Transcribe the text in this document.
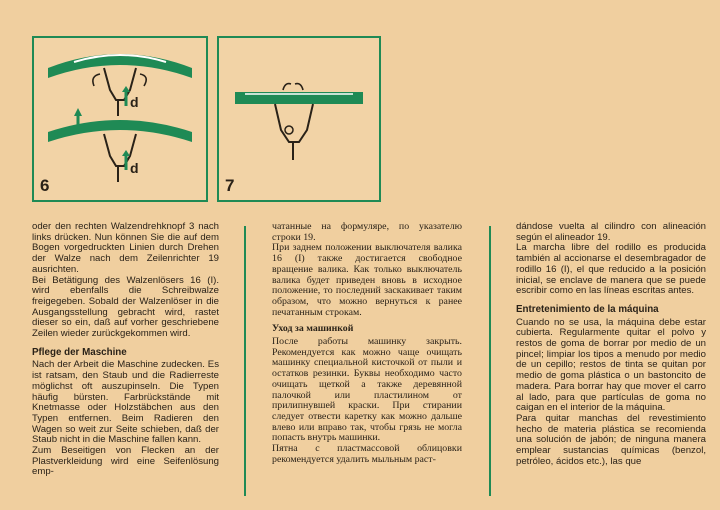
d
d
6	7

oder den rechten Walzendrehknopf 3 nach links drücken. Nun können Sie die auf dem Bogen vorgedruckten Linien durch Drehen der Walze nach dem Zeilenrichter 19 ausrichten.

Bei Betätigung des Walzenlösers 16 (I). wird ebenfalls die Schreibwalze freigegeben. Sobald der Walzenlöser in die Ausgangsstellung gebracht wird, rastet dieser so ein, daß auf vorher geschriebene Zeilen wieder zurückgekommen wird.

Pflege der Maschine

Nach der Arbeit die Maschine zudecken. Es ist ratsam, den Staub und die Radierreste möglichst oft auszupinseln. Die Typen häufig bürsten. Farbrückstände mit Knetmasse oder Holzstäbchen aus den Typen entfernen. Beim Radieren den Wagen so weit zur Seite schieben, daß der Staub nicht in die Maschine fallen kann.

Zum Beseitigen von Flecken an der Plastverkleidung wird eine Seifenlösung emp-

чатанные на формуляре, по указателю строки 19.

При заднем положении выключателя валика 16 (I) также достигается свободное вращение валика. Как только выключатель валика будет приведен вновь в исходное положение, то последний заскакивает таким образом, что можно вернуться к ранее печатанным строкам.

Уход за машинкой

После работы машинку закрыть. Рекомендуется как можно чаще очищать машинку специальной кисточкой от пыли и остатков резинки. Буквы необходимо часто очищать щеткой а также деревянной палочкой или пластилином от прилипнувшей краски. При стирании следует отвести каретку как можно дальше влево или вправо так, чтобы грязь не могла попасть внутрь машинки.

Пятна с пластмассовой облицовки рекомендуется удалить мыльным раст-

dándose vuelta al cilindro con alineación según el alineador 19.

La marcha libre del rodillo es producida también al accionarse el desembragador de rodillo 16 (I), el que reducido a la posición inicial, se enclave de manera que se puede escribir como en las líneas escritas antes.

Entretenimiento de la máquina

Cuando no se usa, la máquina debe estar cubierta. Regularmente quitar el polvo y restos de goma de borrar por medio de un pincel; limpiar los tipos a menudo por medio de un cepillo; restos de tinta se quitan por medio de goma plástica o un bastoncito de madera. Para borrar hay que mover el carro al lado, para que partículas de goma no caigan en el interior de la máquina.

Para quitar manchas del revestimiento hecho de materia plástica se recomienda una solución de jabón; de ninguna manera emplear sustancias químicas (benzol, petróleo, ácidos etc.), las que
